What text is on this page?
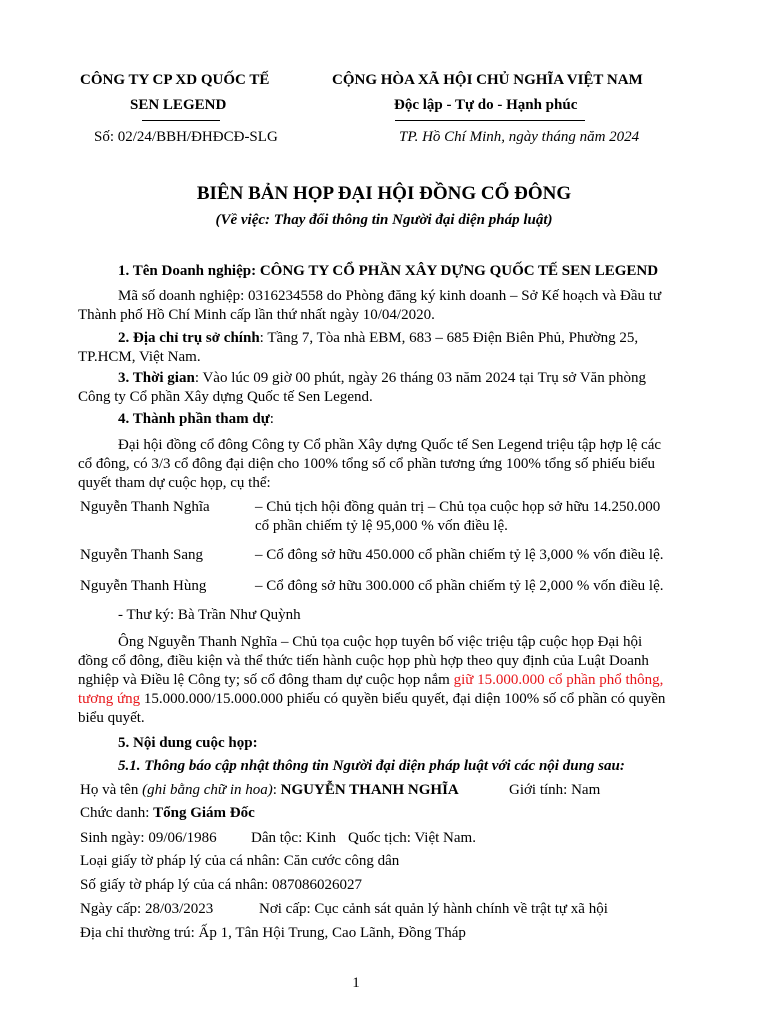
CÔNG TY CP XD QUỐC TẾ
SEN LEGEND
CỘNG HÒA XÃ HỘI CHỦ NGHĨA VIỆT NAM
Độc lập - Tự do - Hạnh phúc
Số: 02/24/BBH/ĐHĐCĐ-SLG	TP. Hồ Chí Minh, ngày tháng năm 2024
BIÊN BẢN HỌP ĐẠI HỘI ĐỒNG CỔ ĐÔNG
(Về việc: Thay đổi thông tin Người đại diện pháp luật)
1. Tên Doanh nghiệp: CÔNG TY CỔ PHẦN XÂY DỰNG QUỐC TẾ SEN LEGEND
Mã số doanh nghiệp: 0316234558 do Phòng đăng ký kinh doanh – Sở Kế hoạch và Đầu tư
Thành phố Hồ Chí Minh cấp lần thứ nhất ngày 10/04/2020.
2. Địa chỉ trụ sở chính: Tầng 7, Tòa nhà EBM, 683 – 685 Điện Biên Phủ, Phường 25,
TP.HCM, Việt Nam.
3. Thời gian: Vào lúc 09 giờ 00 phút, ngày 26 tháng 03 năm 2024 tại Trụ sở Văn phòng
Công ty Cổ phần Xây dựng Quốc tế Sen Legend.
4. Thành phần tham dự:
Đại hội đồng cổ đông Công ty Cổ phần Xây dựng Quốc tế Sen Legend triệu tập hợp lệ các
cổ đông, có 3/3 cổ đông đại diện cho 100% tổng số cổ phần tương ứng 100% tổng số phiếu biểu
quyết tham dự cuộc họp, cụ thể:
Nguyễn Thanh Nghĩa	– Chủ tịch hội đồng quản trị – Chủ tọa cuộc họp sở hữu 14.250.000
cổ phần chiếm tỷ lệ 95,000 % vốn điều lệ.
Nguyễn Thanh Sang	– Cổ đông sở hữu 450.000 cổ phần chiếm tỷ lệ 3,000 % vốn điều lệ.
Nguyễn Thanh Hùng	– Cổ đông sở hữu 300.000 cổ phần chiếm tỷ lệ 2,000 % vốn điều lệ.
- Thư ký: Bà Trần Như Quỳnh
Ông Nguyễn Thanh Nghĩa – Chủ tọa cuộc họp tuyên bố việc triệu tập cuộc họp Đại hội
đồng cổ đông, điều kiện và thể thức tiến hành cuộc họp phù hợp theo quy định của Luật Doanh
nghiệp và Điều lệ Công ty; số cổ đông tham dự cuộc họp nắm giữ 15.000.000 cổ phần phổ thông,
tương ứng 15.000.000/15.000.000 phiếu có quyền biểu quyết, đại diện 100% số cổ phần có quyền
biểu quyết.
5. Nội dung cuộc họp:
5.1. Thông báo cập nhật thông tin Người đại diện pháp luật với các nội dung sau:
Họ và tên (ghi bằng chữ in hoa): NGUYỄN THANH NGHĨA	Giới tính: Nam
Chức danh: Tổng Giám Đốc
Sinh ngày: 09/06/1986 Dân tộc: Kinh Quốc tịch: Việt Nam.
Loại giấy tờ pháp lý của cá nhân: Căn cước công dân
Số giấy tờ pháp lý của cá nhân: 087086026027
Ngày cấp: 28/03/2023	Nơi cấp: Cục cảnh sát quản lý hành chính về trật tự xã hội
Địa chỉ thường trú: Ấp 1, Tân Hội Trung, Cao Lãnh, Đồng Tháp
1
